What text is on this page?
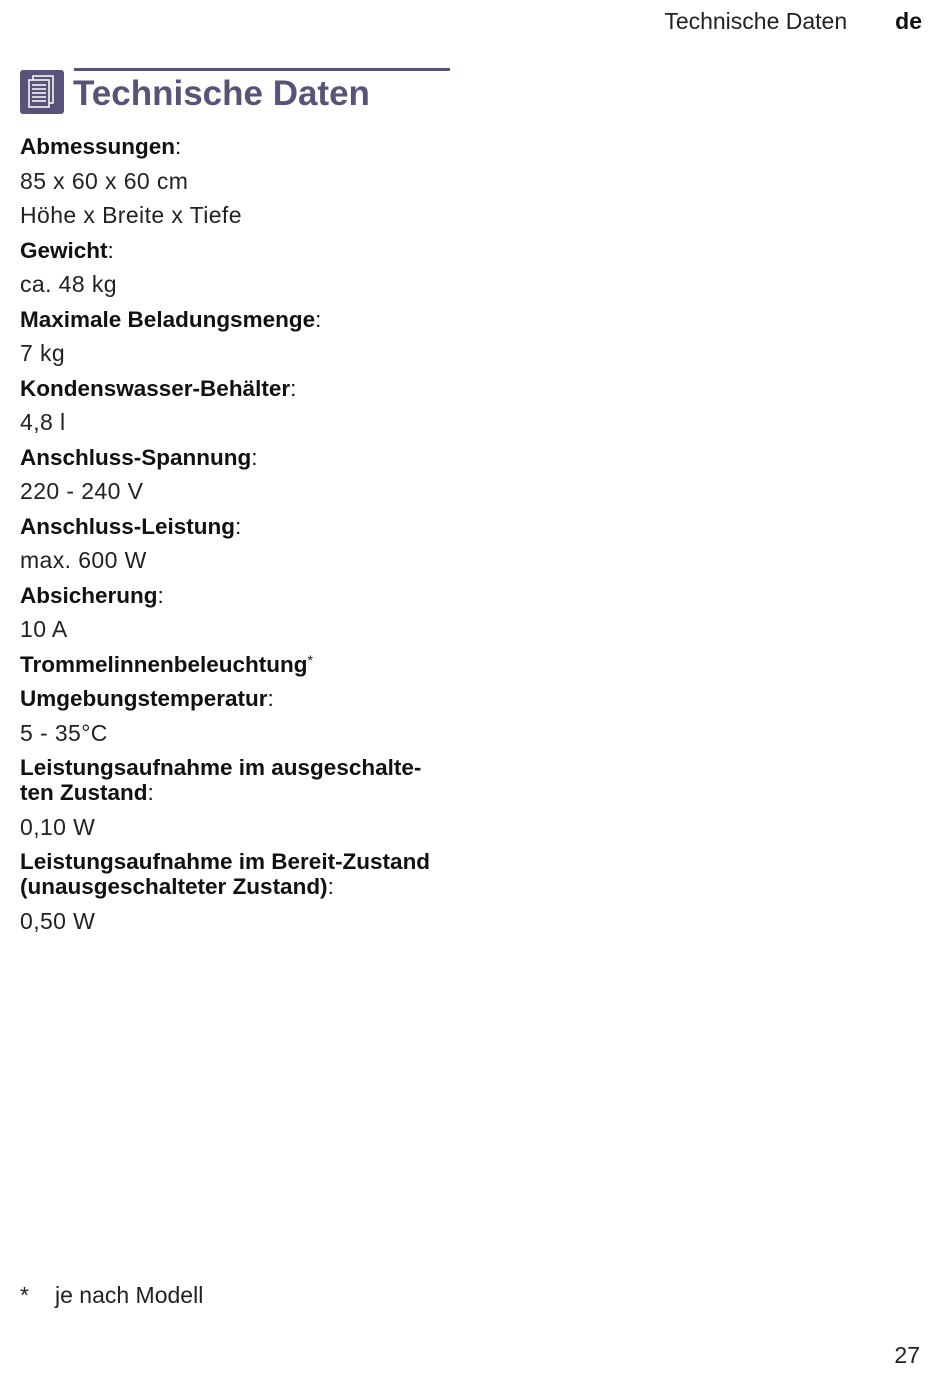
Technische Daten de
Technische Daten
Abmessungen:
85 x 60 x 60 cm
Höhe x Breite x Tiefe
Gewicht:
ca. 48 kg
Maximale Beladungsmenge:
7 kg
Kondenswasser-Behälter:
4,8 l
Anschluss-Spannung:
220 - 240 V
Anschluss-Leistung:
max. 600 W
Absicherung:
10 A
Trommelinnenbeleuchtung*
Umgebungstemperatur:
5 - 35°C
Leistungsaufnahme im ausgeschalte-
ten Zustand:
0,10 W
Leistungsaufnahme im Bereit-Zustand
(unausgeschalteter Zustand):
0,50 W
*	je nach Modell
27
